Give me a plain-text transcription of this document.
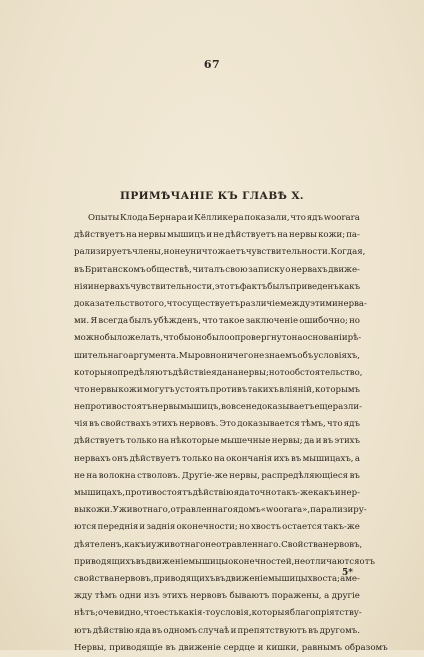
67
ПРИМѢЧАНІЕ КЪ ГЛАВѢ X.
Опыты Клода Бернара и Кёлликера показали, что ядъ woorara
дѣйствуетъ на нервы мышицъ и не дѣйствуетъ на нервы кожи; па-
рализируетъ члены, но не уничтожаетъ чувствительности. Когда я,
въ Британскомъ обществѣ, читалъ свою записку о нервахъ движе-
нія и нервахъ чувствительности, этотъ фактъ былъ приведенъ какъ
доказательство того, что существуетъ различіе между этими нерва-
ми. Я всегда былъ убѣжденъ, что такое заключеніе ошибочно; но
можно было желать, чтобы оно было опровергнуто на основаніи рѣ-
шительнаго аргумента. Мы ровно ничего не знаемъ объ условіяхъ,
которыя опредѣляютъ дѣйствіе яда на нервы; но то обстоятельство,
что нервы кожи могутъ устоять противъ такихъ вліяній, которымъ
не противостоятъ нервы мышицъ, вовсе не доказываетъ еще разли-
чія въ свойствахъ этихъ нервовъ. Это доказывается тѣмъ, что ядъ
дѣйствуетъ только на нѣкоторые мышечные нервы; да и въ этихъ
нервахъ онъ дѣйствуетъ только на окончанія ихъ въ мышицахъ, а
не на волокна стволовъ. Другіе-же нервы, распредѣляющіеся въ
мышицахъ, противостоятъ дѣйствію яда точно такъ-же какъ и нер-
вы кожи. У животнаго, отравленнаго ядомъ «woorara», парализиру-
ются переднія и заднія оконечности; но хвостъ остается такъ-же
дѣятеленъ, какъ и у животнаго не отравленнаго. Свойства нервовъ,
приводящихъ въ движеніе мышицы оконечностей, не отличаются отъ
свойства нервовъ, приводящихъ въ движеніе мышицы хвоста; а ме-
жду тѣмъ одни изъ этихъ нервовъ бываютъ поражены, а другіе
нѣтъ; очевидно, что есть какія-то условія, которыя благопріятству-
ютъ дѣйствію яда въ одномъ случаѣ и препятствуютъ въ другомъ.
Нервы, приводящіе въ движеніе сердце и кишки, равнымъ образомъ
5*
